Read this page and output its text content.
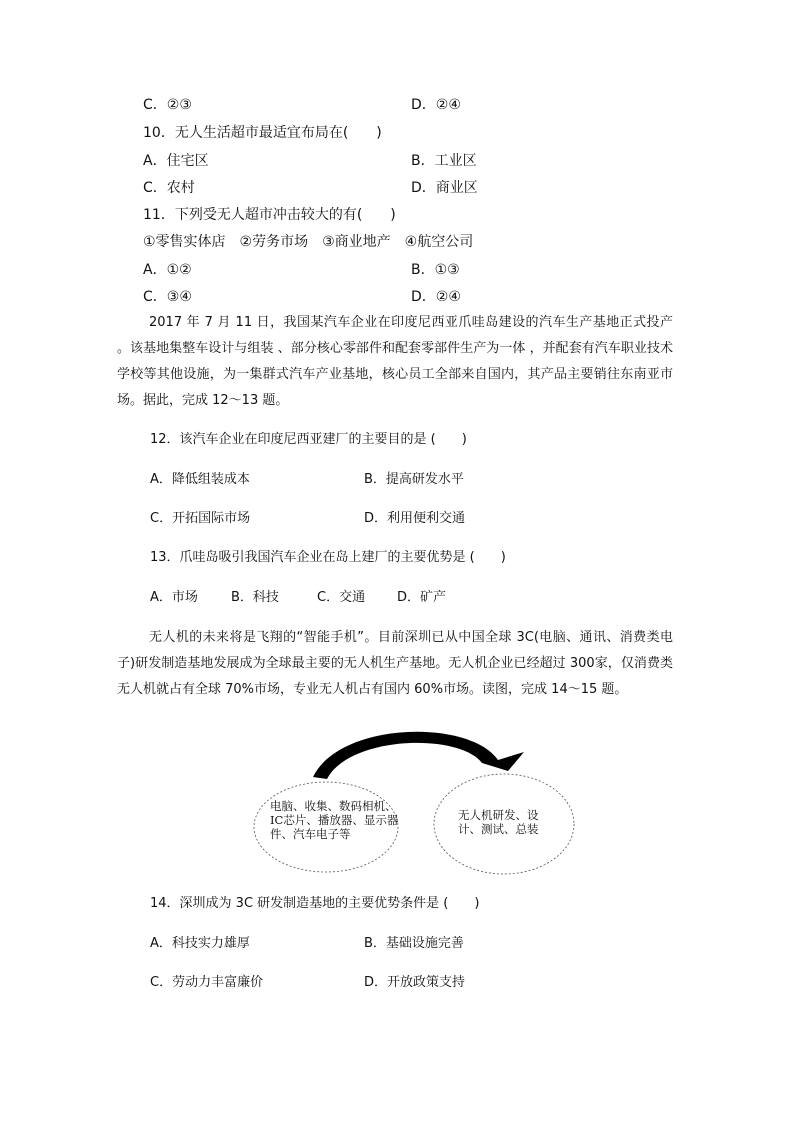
C．②③	D．②④
10．无人生活超市最适宜布局在(　　)
A．住宅区	B．工业区
C．农村	D．商业区
11．下列受无人超市冲击较大的有(　　)
①零售实体店　②劳务市场　③商业地产　④航空公司
A．①②	B．①③
C．③④	D．②④
2017 年 7 月 11 日，我国某汽车企业在印度尼西亚爪哇岛建设的汽车生产基地正式投产 。该基地集整车设计与组装 、部分核心零部件和配套零部件生产为一体 ，并配套有汽车职业技术学校等其他设施，为一集群式汽车产业基地，核心员工全部来自国内，其产品主要销往东南亚市场。据此，完成 12～13 题。
12．该汽车企业在印度尼西亚建厂的主要目的是 (　　)
A．降低组装成本	B．提高研发水平
C．开拓国际市场	D．利用便利交通
13．爪哇岛吸引我国汽车企业在岛上建厂的主要优势是 (　　)
A．市场	B．科技	C．交通 D．矿产
无人机的未来将是飞翔的“智能手机”。目前深圳已从中国全球 3C(电脑、通讯、消费类电子)研发制造基地发展成为全球最主要的无人机生产基地。无人机企业已经超过 300家，仅消费类无人机就占有全球 70%市场，专业无人机占有国内 60%市场。读图，完成 14～15 题。
电脑、收集、数码相机、IC芯片、播放器、显示器件、汽车电子等
无人机研发、设计、测试、总装
14．深圳成为 3C 研发制造基地的主要优势条件是 (　　)
A．科技实力雄厚	B．基础设施完善
C．劳动力丰富廉价	D．开放政策支持
